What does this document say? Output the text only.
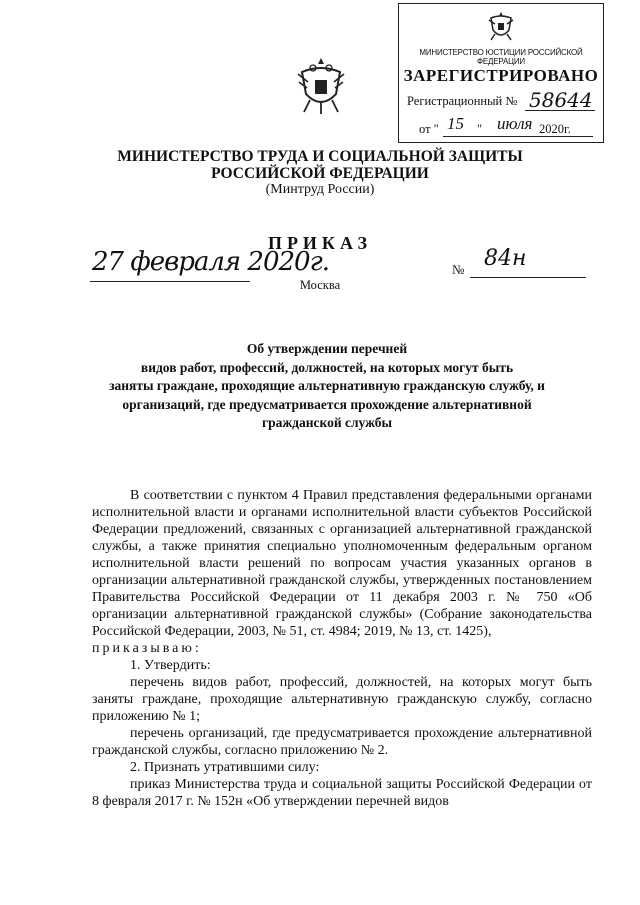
МИНИСТЕРСТВО ЮСТИЦИИ РОССИЙСКОЙ ФЕДЕРАЦИИ
ЗАРЕГИСТРИРОВАНО
Регистрационный № 58644
от " 15 " июля 2020г.
МИНИСТЕРСТВО ТРУДА И СОЦИАЛЬНОЙ ЗАЩИТЫ
РОССИЙСКОЙ ФЕДЕРАЦИИ
(Минтруд России)
ПРИКАЗ
27 февраля 2020г.	№ 84н
Москва
Об утверждении перечней
видов работ, профессий, должностей, на которых могут быть
заняты граждане, проходящие альтернативную гражданскую службу, и
организаций, где предусматривается прохождение альтернативной
гражданской службы

В соответствии с пунктом 4 Правил представления федеральными органами исполнительной власти и органами исполнительной власти субъектов Российской Федерации предложений, связанных с организацией альтернативной гражданской службы, а также принятия специально уполномоченным федеральным органом исполнительной власти решений по вопросам участия указанных органов в организации альтернативной гражданской службы, утвержденных постановлением Правительства Российской Федерации от 11 декабря 2003 г. № 750 «Об организации альтернативной гражданской службы» (Собрание законодательства Российской Федерации, 2003, № 51, ст. 4984; 2019, № 13, ст. 1425),

приказываю:

1. Утвердить:

перечень видов работ, профессий, должностей, на которых могут быть заняты граждане, проходящие альтернативную гражданскую службу, согласно приложению № 1;

перечень организаций, где предусматривается прохождение альтернативной гражданской службы, согласно приложению № 2.

2. Признать утратившими силу:

приказ Министерства труда и социальной защиты Российской Федерации от 8 февраля 2017 г. № 152н «Об утверждении перечней видов
